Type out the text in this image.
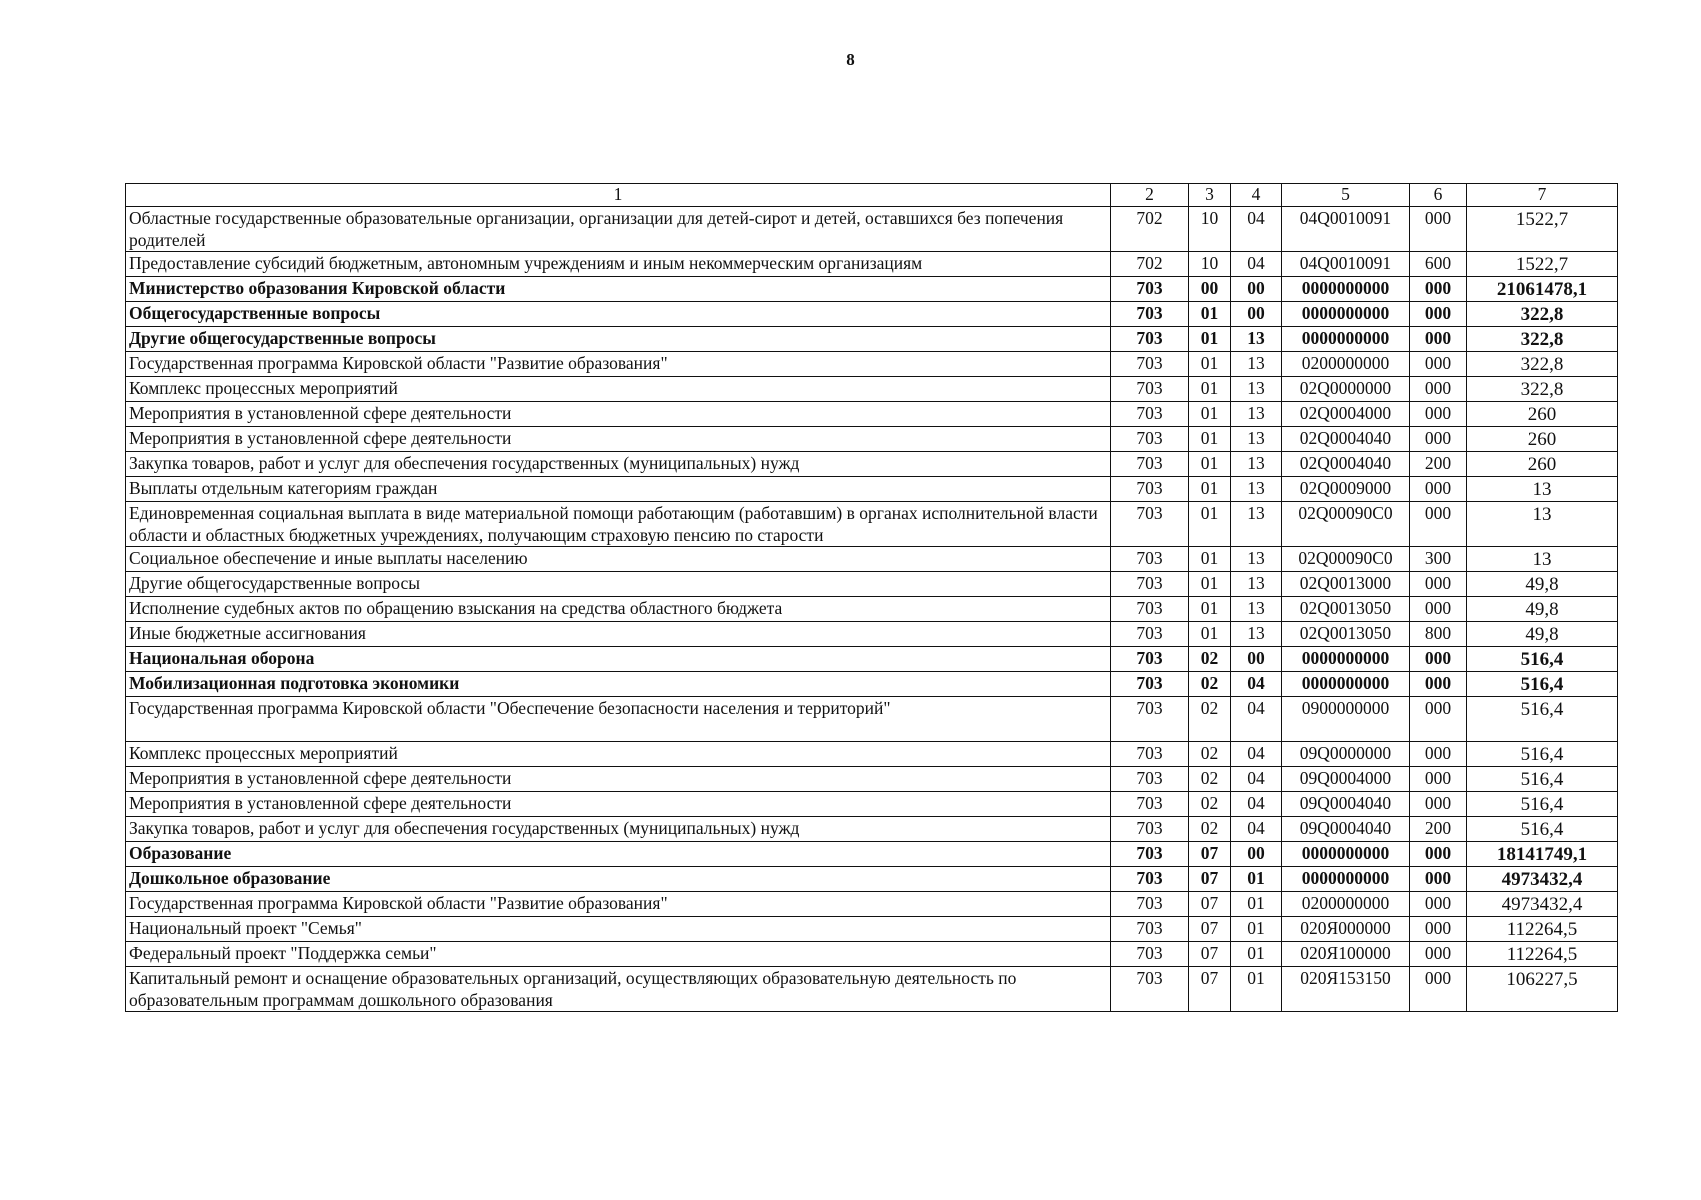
8
1	2	3	4	5	6	7
Областные государственные образовательные организации, организации для детей-сирот и детей, оставшихся без попечения родителей	702	10	04	04Q0010091	000	1522,7
Предоставление субсидий бюджетным, автономным учреждениям и иным некоммерческим организациям	702	10	04	04Q0010091	600	1522,7
Министерство образования Кировской области	703	00	00	0000000000	000	21061478,1
Общегосударственные вопросы	703	01	00	0000000000	000	322,8
Другие общегосударственные вопросы	703	01	13	0000000000	000	322,8
Государственная программа Кировской области "Развитие образования"	703	01	13	0200000000	000	322,8
Комплекс процессных мероприятий	703	01	13	02Q0000000	000	322,8
Мероприятия в установленной сфере деятельности	703	01	13	02Q0004000	000	260
Мероприятия в установленной сфере деятельности	703	01	13	02Q0004040	000	260
Закупка товаров, работ и услуг для обеспечения государственных (муниципальных) нужд	703	01	13	02Q0004040	200	260
Выплаты отдельным категориям граждан	703	01	13	02Q0009000	000	13
Единовременная социальная выплата в виде материальной помощи работающим (работавшим) в органах исполнительной власти области и областных бюджетных учреждениях, получающим страховую пенсию по старости	703	01	13	02Q00090C0	000	13
Социальное обеспечение и иные выплаты населению	703	01	13	02Q00090C0	300	13
Другие общегосударственные вопросы	703	01	13	02Q0013000	000	49,8
Исполнение судебных актов по обращению взыскания на средства областного бюджета	703	01	13	02Q0013050	000	49,8
Иные бюджетные ассигнования	703	01	13	02Q0013050	800	49,8
Национальная оборона	703	02	00	0000000000	000	516,4
Мобилизационная подготовка экономики	703	02	04	0000000000	000	516,4
Государственная программа Кировской области "Обеспечение безопасности населения и территорий"	703	02	04	0900000000	000	516,4
Комплекс процессных мероприятий	703	02	04	09Q0000000	000	516,4
Мероприятия в установленной сфере деятельности	703	02	04	09Q0004000	000	516,4
Мероприятия в установленной сфере деятельности	703	02	04	09Q0004040	000	516,4
Закупка товаров, работ и услуг для обеспечения государственных (муниципальных) нужд	703	02	04	09Q0004040	200	516,4
Образование	703	07	00	0000000000	000	18141749,1
Дошкольное образование	703	07	01	0000000000	000	4973432,4
Государственная программа Кировской области "Развитие образования"	703	07	01	0200000000	000	4973432,4
Национальный проект "Семья"	703	07	01	020Я000000	000	112264,5
Федеральный проект "Поддержка семьи"	703	07	01	020Я100000	000	112264,5
Капитальный ремонт и оснащение образовательных организаций, осуществляющих образовательную деятельность по образовательным программам дошкольного образования	703	07	01	020Я153150	000	106227,5
